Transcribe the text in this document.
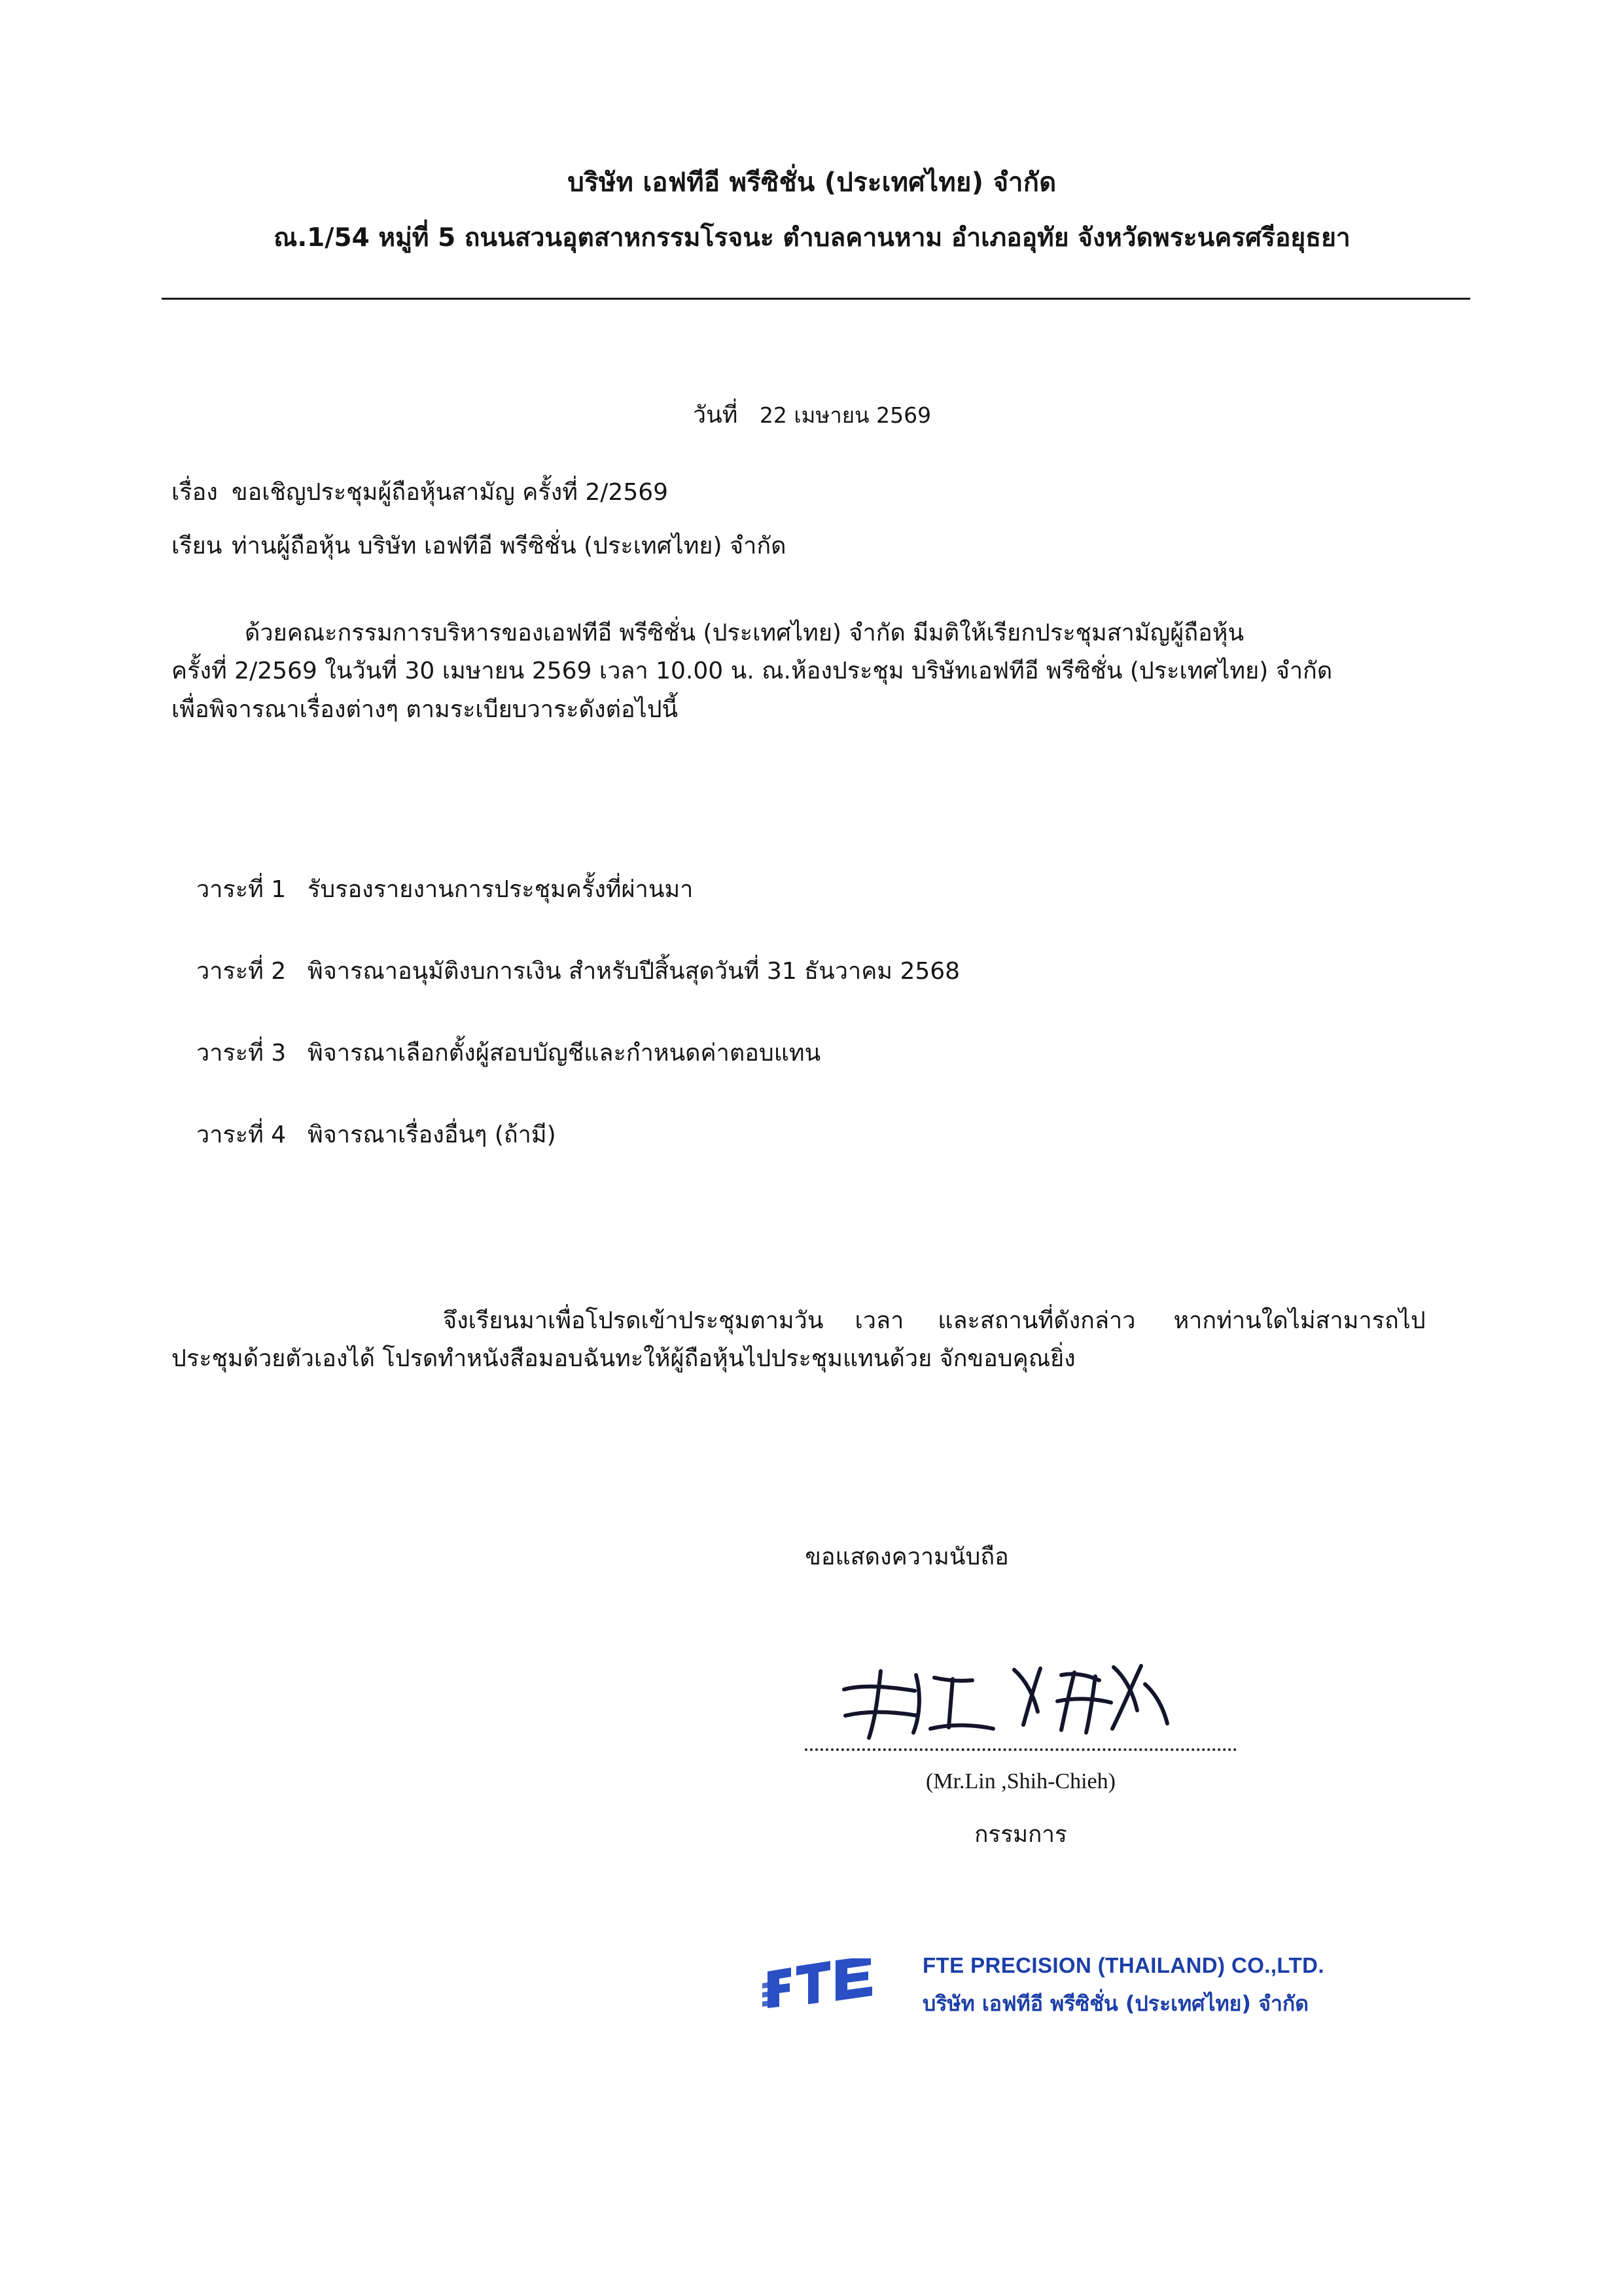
บริษัท เอฟทีอี พรีซิชั่น (ประเทศไทย) จำกัด
ณ.1/54 หมู่ที่ 5 ถนนสวนอุตสาหกรรมโรจนะ ตำบลคานหาม อำเภออุทัย จังหวัดพระนครศรีอยุธยา
วันที่ 22 เมษายน 2569
เรื่อง ขอเชิญประชุมผู้ถือหุ้นสามัญ ครั้งที่ 2/2569
เรียน ท่านผู้ถือหุ้น บริษัท เอฟทีอี พรีซิชั่น (ประเทศไทย) จำกัด
ด้วยคณะกรรมการบริหารของเอฟทีอี พรีซิชั่น (ประเทศไทย) จำกัด มีมติให้เรียกประชุมสามัญผู้ถือหุ้น
ครั้งที่ 2/2569 ในวันที่ 30 เมษายน 2569 เวลา 10.00 น. ณ.ห้องประชุม บริษัทเอฟทีอี พรีซิชั่น (ประเทศไทย) จำกัด
เพื่อพิจารณาเรื่องต่างๆ ตามระเบียบวาระดังต่อไปนี้
วาระที่ 1 รับรองรายงานการประชุมครั้งที่ผ่านมา
วาระที่ 2 พิจารณาอนุมัติงบการเงิน สำหรับปีสิ้นสุดวันที่ 31 ธันวาคม 2568
วาระที่ 3 พิจารณาเลือกตั้งผู้สอบบัญชีและกำหนดค่าตอบแทน
วาระที่ 4 พิจารณาเรื่องอื่นๆ (ถ้ามี)
จึงเรียนมาเพื่อโปรดเข้าประชุมตามวัน เวลา และสถานที่ดังกล่าว หากท่านใดไม่สามารถไป
ประชุมด้วยตัวเองได้ โปรดทำหนังสือมอบฉันทะให้ผู้ถือหุ้นไปประชุมแทนด้วย จักขอบคุณยิ่ง
ขอแสดงความนับถือ
(Mr.Lin ,Shih-Chieh)
กรรมการ
FTE PRECISION (THAILAND) CO.,LTD.
บริษัท เอฟทีอี พรีซิชั่น (ประเทศไทย) จำกัด
